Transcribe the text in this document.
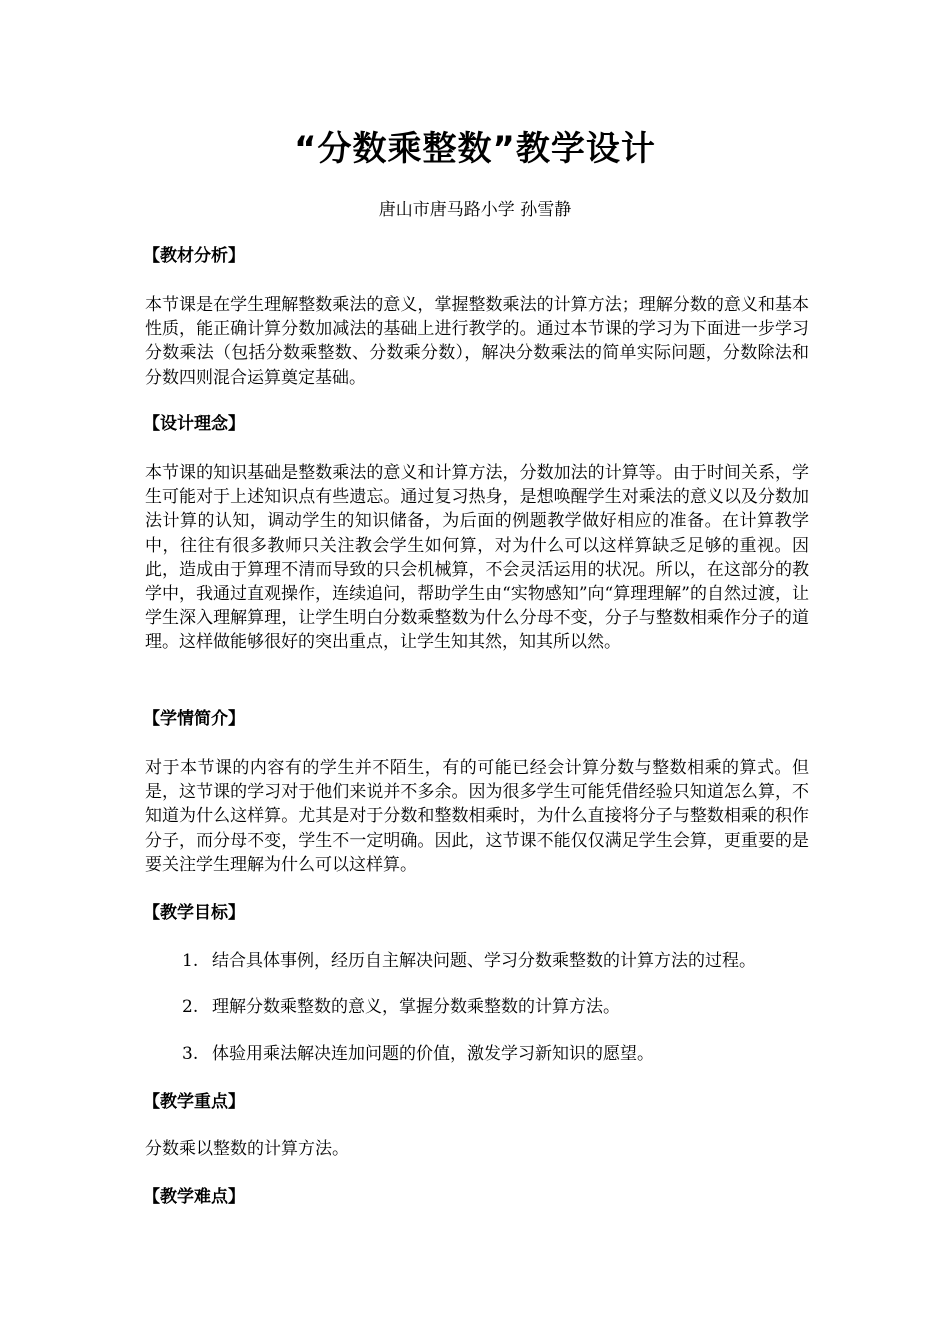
“分数乘整数”教学设计
唐山市唐马路小学 孙雪静
【教材分析】
本节课是在学生理解整数乘法的意义，掌握整数乘法的计算方法；理解分数的意义和基本性质，能正确计算分数加减法的基础上进行教学的。通过本节课的学习为下面进一步学习分数乘法（包括分数乘整数、分数乘分数），解决分数乘法的简单实际问题，分数除法和分数四则混合运算奠定基础。
【设计理念】
本节课的知识基础是整数乘法的意义和计算方法，分数加法的计算等。由于时间关系，学生可能对于上述知识点有些遗忘。通过复习热身，是想唤醒学生对乘法的意义以及分数加法计算的认知，调动学生的知识储备，为后面的例题教学做好相应的准备。在计算教学中，往往有很多教师只关注教会学生如何算，对为什么可以这样算缺乏足够的重视。因此，造成由于算理不清而导致的只会机械算，不会灵活运用的状况。所以，在这部分的教学中，我通过直观操作，连续追问，帮助学生由“实物感知”向“算理理解”的自然过渡，让学生深入理解算理，让学生明白分数乘整数为什么分母不变，分子与整数相乘作分子的道理。这样做能够很好的突出重点，让学生知其然，知其所以然。
【学情简介】
对于本节课的内容有的学生并不陌生，有的可能已经会计算分数与整数相乘的算式。但是，这节课的学习对于他们来说并不多余。因为很多学生可能凭借经验只知道怎么算，不知道为什么这样算。尤其是对于分数和整数相乘时，为什么直接将分子与整数相乘的积作分子，而分母不变，学生不一定明确。因此，这节课不能仅仅满足学生会算，更重要的是要关注学生理解为什么可以这样算。
【教学目标】
1. 结合具体事例，经历自主解决问题、学习分数乘整数的计算方法的过程。
2. 理解分数乘整数的意义，掌握分数乘整数的计算方法。
3. 体验用乘法解决连加问题的价值，激发学习新知识的愿望。
【教学重点】
分数乘以整数的计算方法。
【教学难点】
